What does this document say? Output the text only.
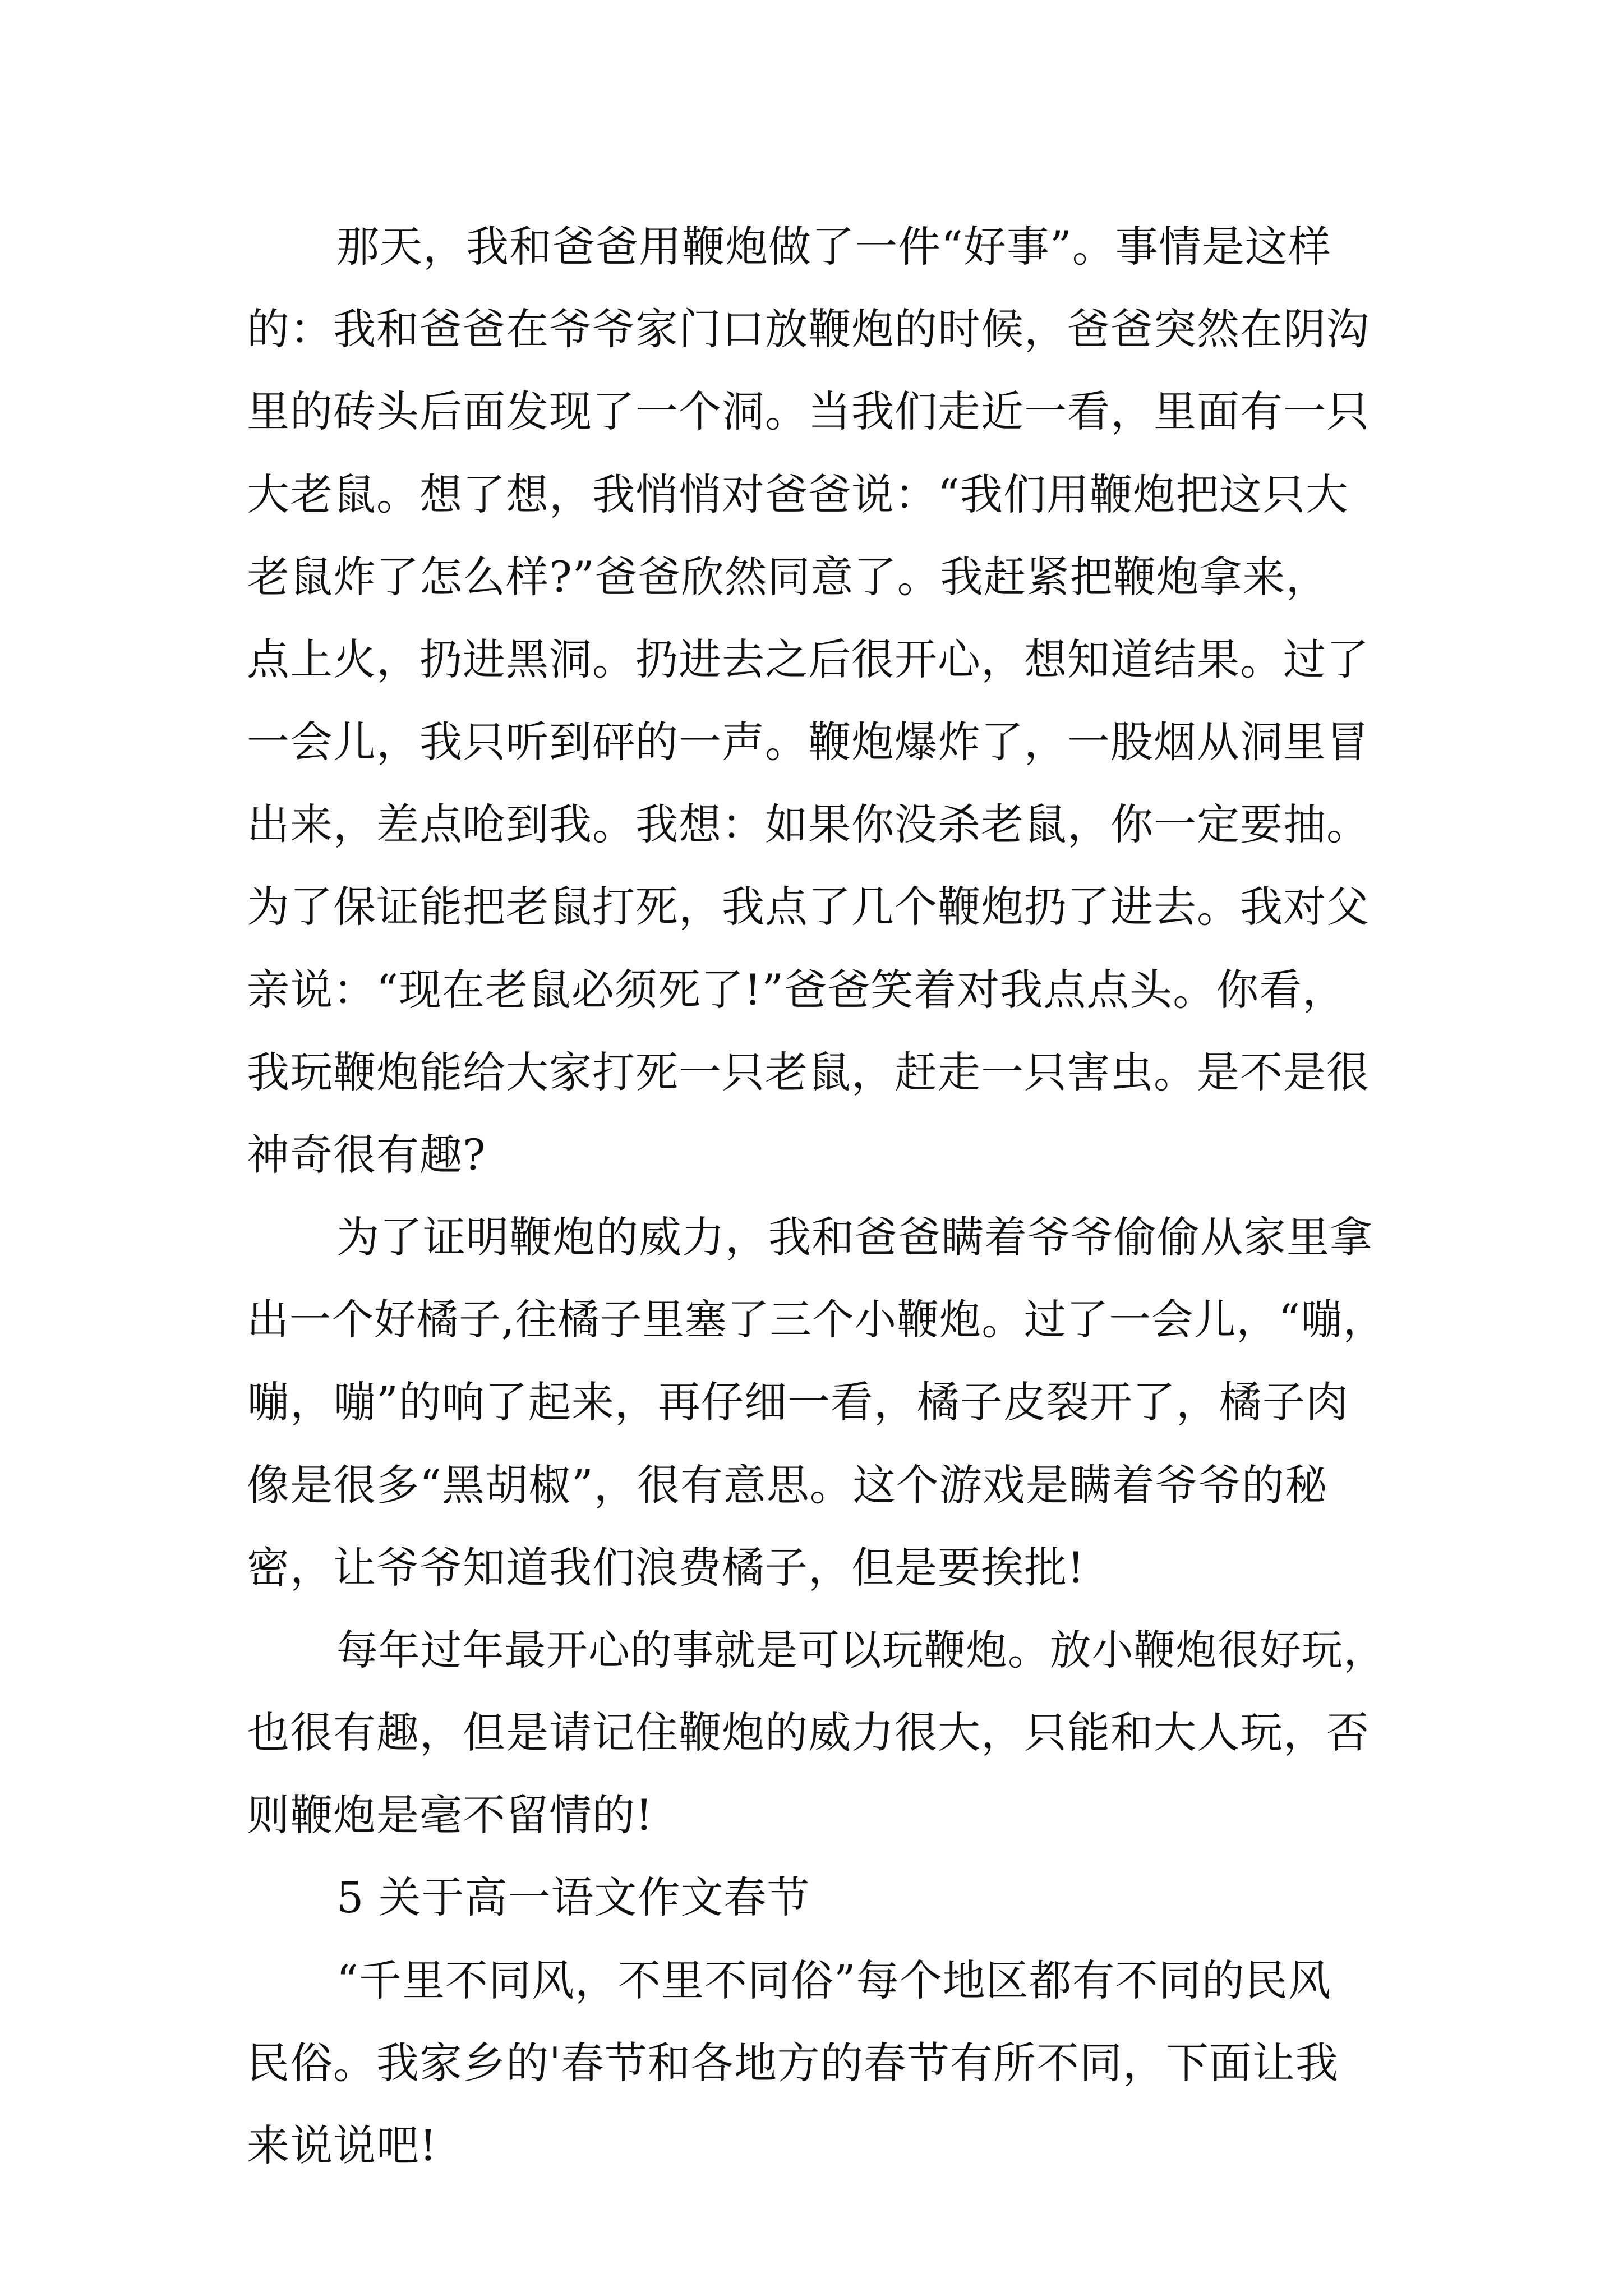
那天，我和爸爸用鞭炮做了一件“好事”。事情是这样
的：我和爸爸在爷爷家门口放鞭炮的时候，爸爸突然在阴沟
里的砖头后面发现了一个洞。当我们走近一看，里面有一只
大老鼠。想了想，我悄悄对爸爸说：“我们用鞭炮把这只大
老鼠炸了怎么样?”爸爸欣然同意了。我赶紧把鞭炮拿来，
点上火，扔进黑洞。扔进去之后很开心，想知道结果。过了
一会儿，我只听到砰的一声。鞭炮爆炸了，一股烟从洞里冒
出来，差点呛到我。我想：如果你没杀老鼠，你一定要抽。
为了保证能把老鼠打死，我点了几个鞭炮扔了进去。我对父
亲说：“现在老鼠必须死了!”爸爸笑着对我点点头。你看，
我玩鞭炮能给大家打死一只老鼠，赶走一只害虫。是不是很
神奇很有趣?
为了证明鞭炮的威力，我和爸爸瞒着爷爷偷偷从家里拿
出一个好橘子,往橘子里塞了三个小鞭炮。过了一会儿，“嘣，
嘣，嘣”的响了起来，再仔细一看，橘子皮裂开了，橘子肉
像是很多“黑胡椒”，很有意思。这个游戏是瞒着爷爷的秘
密，让爷爷知道我们浪费橘子，但是要挨批!
每年过年最开心的事就是可以玩鞭炮。放小鞭炮很好玩，
也很有趣，但是请记住鞭炮的威力很大，只能和大人玩，否
则鞭炮是毫不留情的!
5 关于高一语文作文春节
“千里不同风，不里不同俗”每个地区都有不同的民风
民俗。我家乡的'春节和各地方的春节有所不同，下面让我
来说说吧!
